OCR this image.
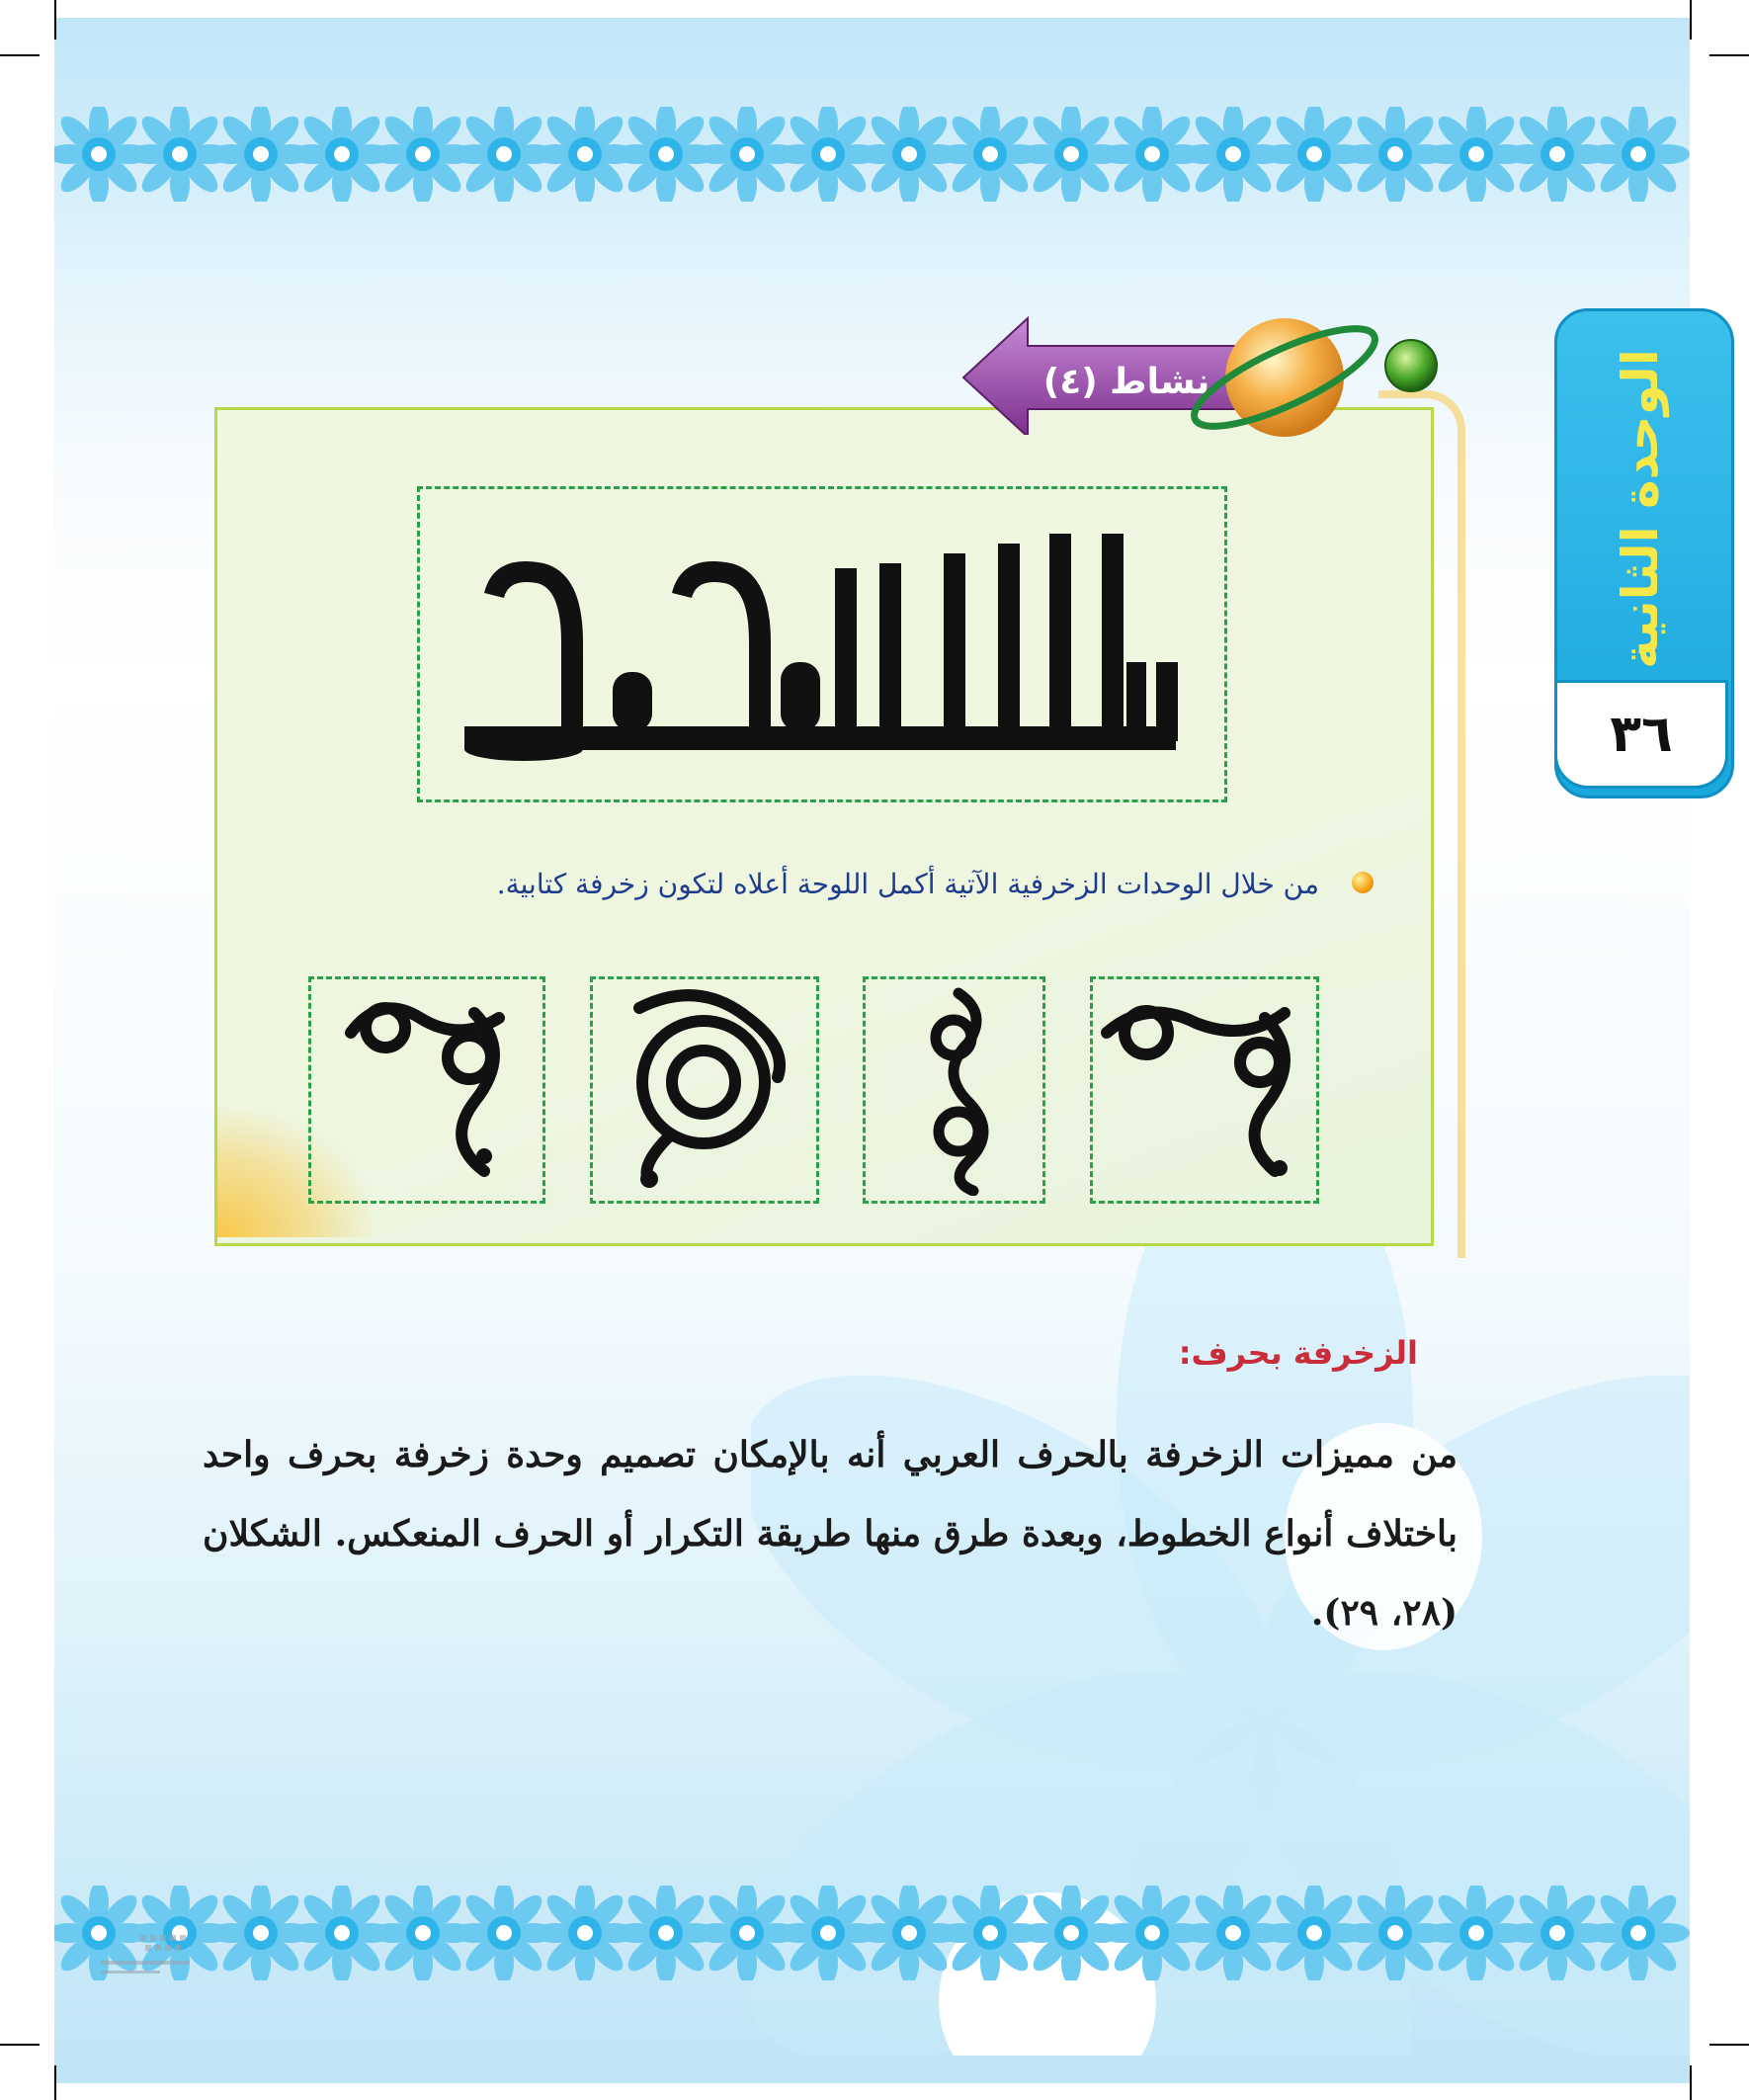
نشاط (٤)
بسم الله الرحمن الرحيم
من خلال الوحدات الزخرفية الآتية أكمل اللوحة أعلاه لتكون زخرفة كتابية.
الزخرفة بحرف:
من مميزات الزخرفة بالحرف العربي أنه بالإمكان تصميم وحدة زخرفة بحرف واحد باختلاف أنواع الخطوط، وبعدة طرق منها طريقة التكرار أو الحرف المنعكس. الشكلان (٢٨، ٢٩).
الوحدة الثانية
٣٦
